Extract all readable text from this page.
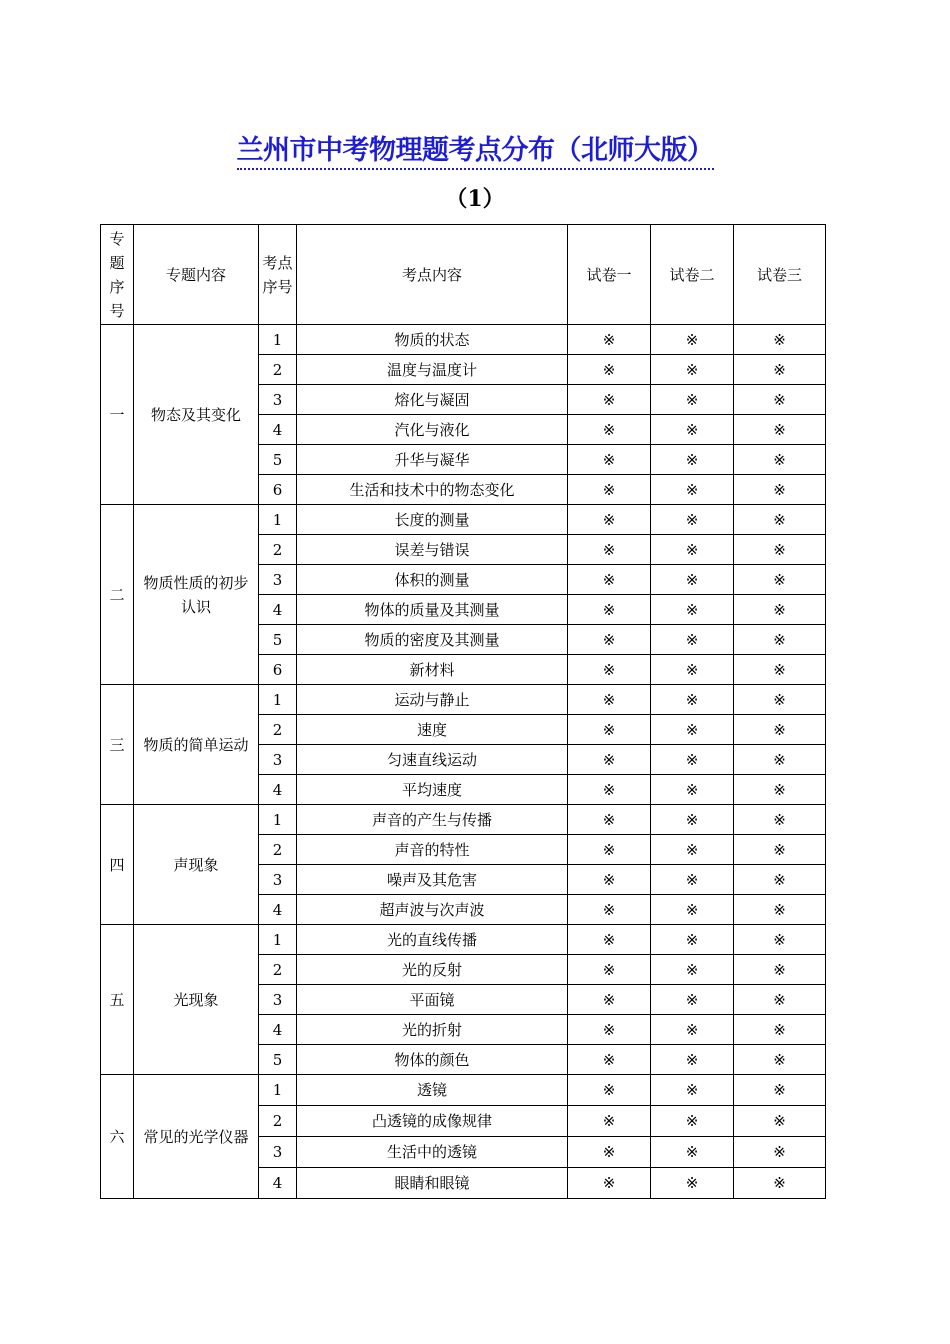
兰州市中考物理题考点分布（北师大版）
（1）
专题序号	专题内容	考点序号	考点内容	试卷一	试卷二	试卷三
一	物态及其变化	1	物质的状态	※	※	※
		2	温度与温度计	※	※	※
		3	熔化与凝固	※	※	※
		4	汽化与液化	※	※	※
		5	升华与凝华	※	※	※
		6	生活和技术中的物态变化	※	※	※
二	物质性质的初步认识	1	长度的测量	※	※	※
		2	误差与错误	※	※	※
		3	体积的测量	※	※	※
		4	物体的质量及其测量	※	※	※
		5	物质的密度及其测量	※	※	※
		6	新材料	※	※	※
三	物质的简单运动	1	运动与静止	※	※	※
		2	速度	※	※	※
		3	匀速直线运动	※	※	※
		4	平均速度	※	※	※
四	声现象	1	声音的产生与传播	※	※	※
		2	声音的特性	※	※	※
		3	噪声及其危害	※	※	※
		4	超声波与次声波	※	※	※
五	光现象	1	光的直线传播	※	※	※
		2	光的反射	※	※	※
		3	平面镜	※	※	※
		4	光的折射	※	※	※
		5	物体的颜色	※	※	※
六	常见的光学仪器	1	透镜	※	※	※
		2	凸透镜的成像规律	※	※	※
		3	生活中的透镜	※	※	※
		4	眼睛和眼镜	※	※	※
